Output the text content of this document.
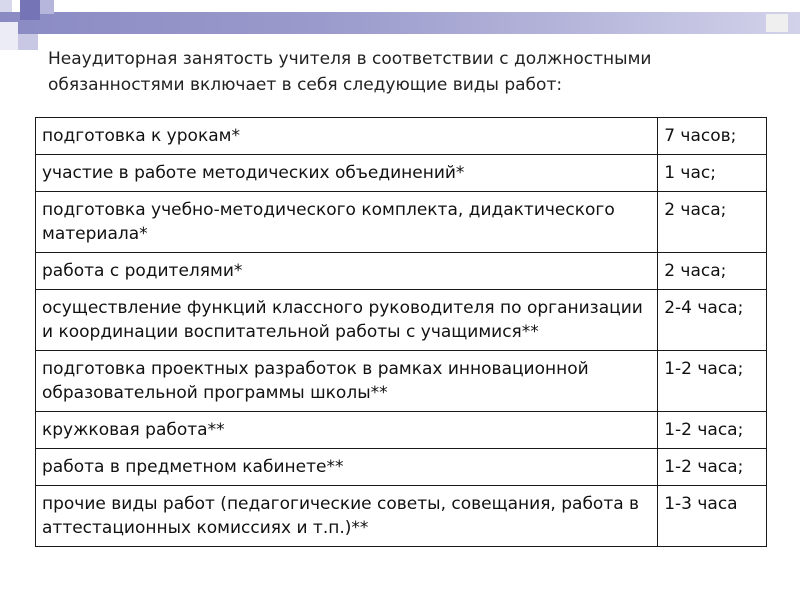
Неаудиторная занятость учителя в соответствии с должностными обязанностями включает в себя следующие виды работ:
подготовка к урокам*	7 часов;
участие в работе методических объединений*	1 час;
подготовка учебно-методического комплекта, дидактического материала*	2 часа;
работа с родителями*	2 часа;
осуществление функций классного руководителя по организации и координации воспитательной работы с учащимися**	2-4 часа;
подготовка проектных разработок в рамках инновационной образовательной программы школы**	1-2 часа;
кружковая работа**	1-2 часа;
работа в предметном кабинете**	1-2 часа;
прочие виды работ (педагогические советы, совещания, работа в аттестационных комиссиях и т.п.)**	1-3 часа
